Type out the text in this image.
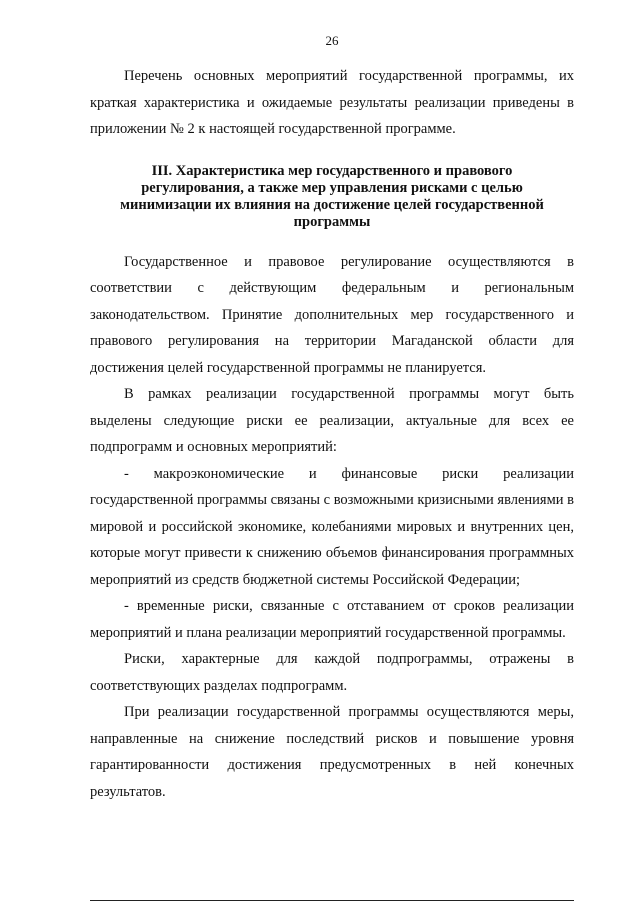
26

Перечень основных мероприятий государственной программы, их краткая характеристика и ожидаемые результаты реализации приведены в приложении № 2 к настоящей государственной программе.

III. Характеристика мер государственного и правового регулирования, а также мер управления рисками с целью минимизации их влияния на достижение целей государственной программы

Государственное и правовое регулирование осуществляются в соответствии с действующим федеральным и региональным законодательством. Принятие дополнительных мер государственного и правового регулирования на территории Магаданской области для достижения целей государственной программы не планируется.

В рамках реализации государственной программы могут быть выделены следующие риски ее реализации, актуальные для всех ее подпрограмм и основных мероприятий:

- макроэкономические и финансовые риски реализации государственной программы связаны с возможными кризисными явлениями в мировой и российской экономике, колебаниями мировых и внутренних цен, которые могут привести к снижению объемов финансирования программных мероприятий из средств бюджетной системы Российской Федерации;

- временные риски, связанные с отставанием от сроков реализации мероприятий и плана реализации мероприятий государственной программы.

Риски, характерные для каждой подпрограммы, отражены в соответствующих разделах подпрограмм.

При реализации государственной программы осуществляются меры, направленные на снижение последствий рисков и повышение уровня гарантированности достижения предусмотренных в ней конечных результатов.
